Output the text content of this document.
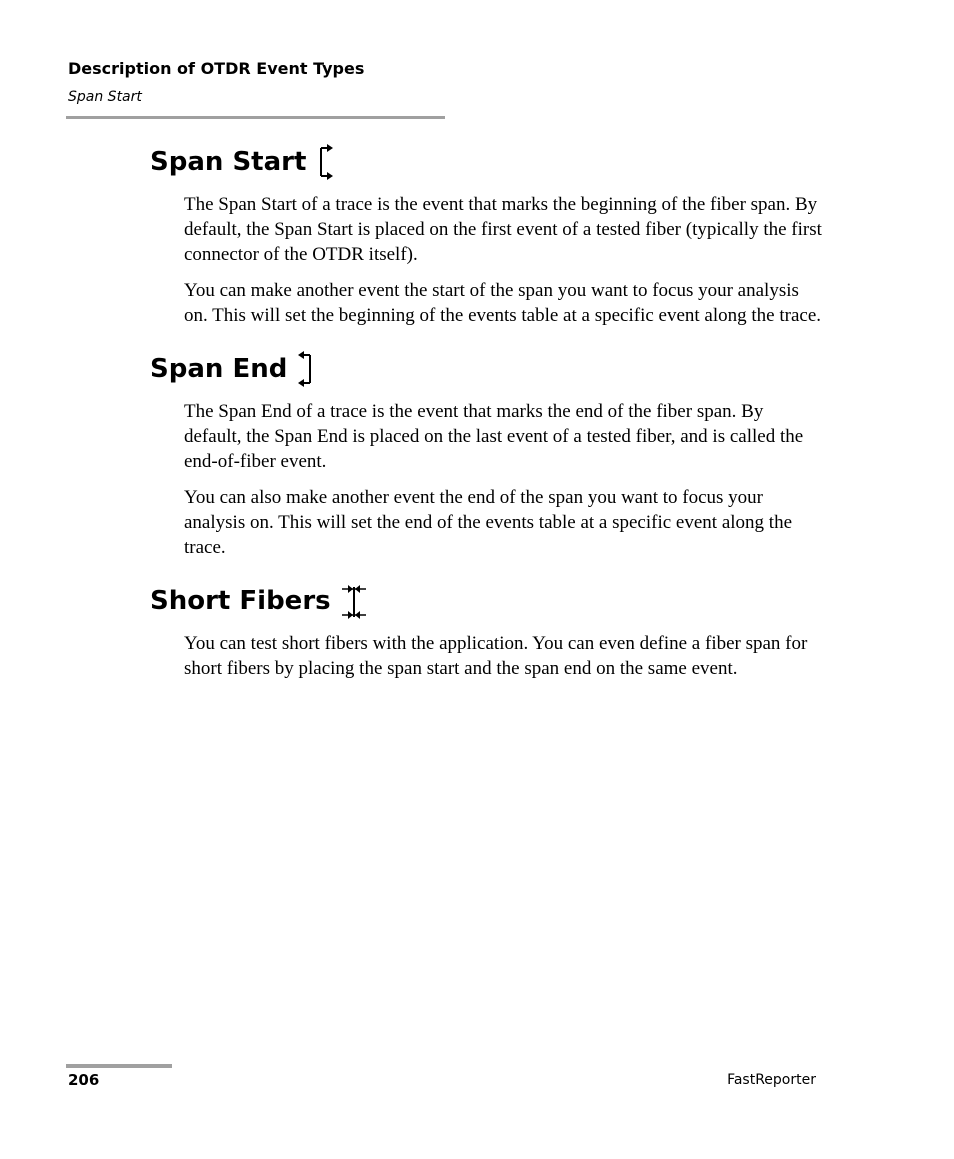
Description of OTDR Event Types
Span Start
Span Start

The Span Start of a trace is the event that marks the beginning of the fiber span. By default, the Span Start is placed on the first event of a tested fiber (typically the first connector of the OTDR itself).

You can make another event the start of the span you want to focus your analysis on. This will set the beginning of the events table at a specific event along the trace.

Span End

The Span End of a trace is the event that marks the end of the fiber span. By default, the Span End is placed on the last event of a tested fiber, and is called the end-of-fiber event.

You can also make another event the end of the span you want to focus your analysis on. This will set the end of the events table at a specific event along the trace.

Short Fibers

You can test short fibers with the application. You can even define a fiber span for short fibers by placing the span start and the span end on the same event.

206	FastReporter
